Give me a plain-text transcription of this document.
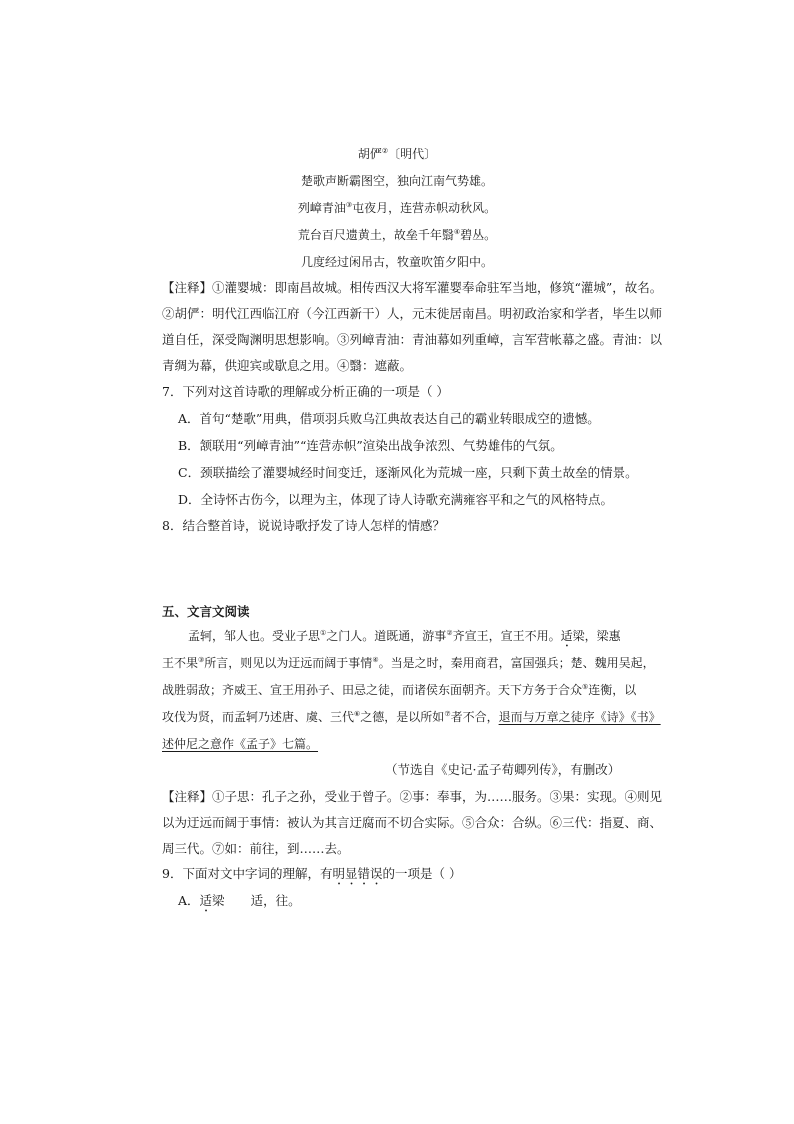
胡俨②〔明代〕
楚歌声断霸图空，独向江南气势雄。
列嶂青油③屯夜月，连营赤帜动秋风。
荒台百尺遗黄土，故垒千年翳④碧丛。
几度经过闲吊古，牧童吹笛夕阳中。
【注释】①灌婴城：即南昌故城。相传西汉大将军灌婴奉命驻军当地，修筑“灌城”，故名。
②胡俨：明代江西临江府（今江西新干）人，元末徙居南昌。明初政治家和学者，毕生以师
道自任，深受陶渊明思想影响。③列嶂青油：青油幕如列重嶂，言军营帐幕之盛。青油：以
青绸为幕，供迎宾或歇息之用。④翳：遮蔽。
7．下列对这首诗歌的理解或分析正确的一项是（ ）
A．首句“楚歌”用典，借项羽兵败乌江典故表达自己的霸业转眼成空的遗憾。
B．颔联用“列嶂青油”“连营赤帜”渲染出战争浓烈、气势雄伟的气氛。
C．颈联描绘了灌婴城经时间变迁，逐渐风化为荒城一座，只剩下黄土故垒的情景。
D．全诗怀古伤今，以理为主，体现了诗人诗歌充满雍容平和之气的风格特点。
8．结合整首诗，说说诗歌抒发了诗人怎样的情感？
五、文言文阅读
孟轲，邹人也。受业子思①之门人。道既通，游事②齐宣王，宣王不用。适梁，梁惠
王不果③所言，则见以为迂远而阔于事情④。当是之时，秦用商君，富国强兵；楚、魏用吴起，
战胜弱敌；齐威王、宣王用孙子、田忌之徒，而诸侯东面朝齐。天下方务于合众⑤连衡，以
攻伐为贤，而孟轲乃述唐、虞、三代⑥之德，是以所如⑦者不合，退而与万章之徒序《诗》《书》
述仲尼之意作《孟子》七篇。
（节选自《史记·孟子荀卿列传》，有删改）
【注释】①子思：孔子之孙，受业于曾子。②事：奉事，为……服务。③果：实现。④则见
以为迂远而阔于事情：被认为其言迂腐而不切合实际。⑤合众：合纵。⑥三代：指夏、商、
周三代。⑦如：前往，到……去。
9．下面对文中字词的理解，有明显错误的一项是（ ）
A．适梁 适，往。
